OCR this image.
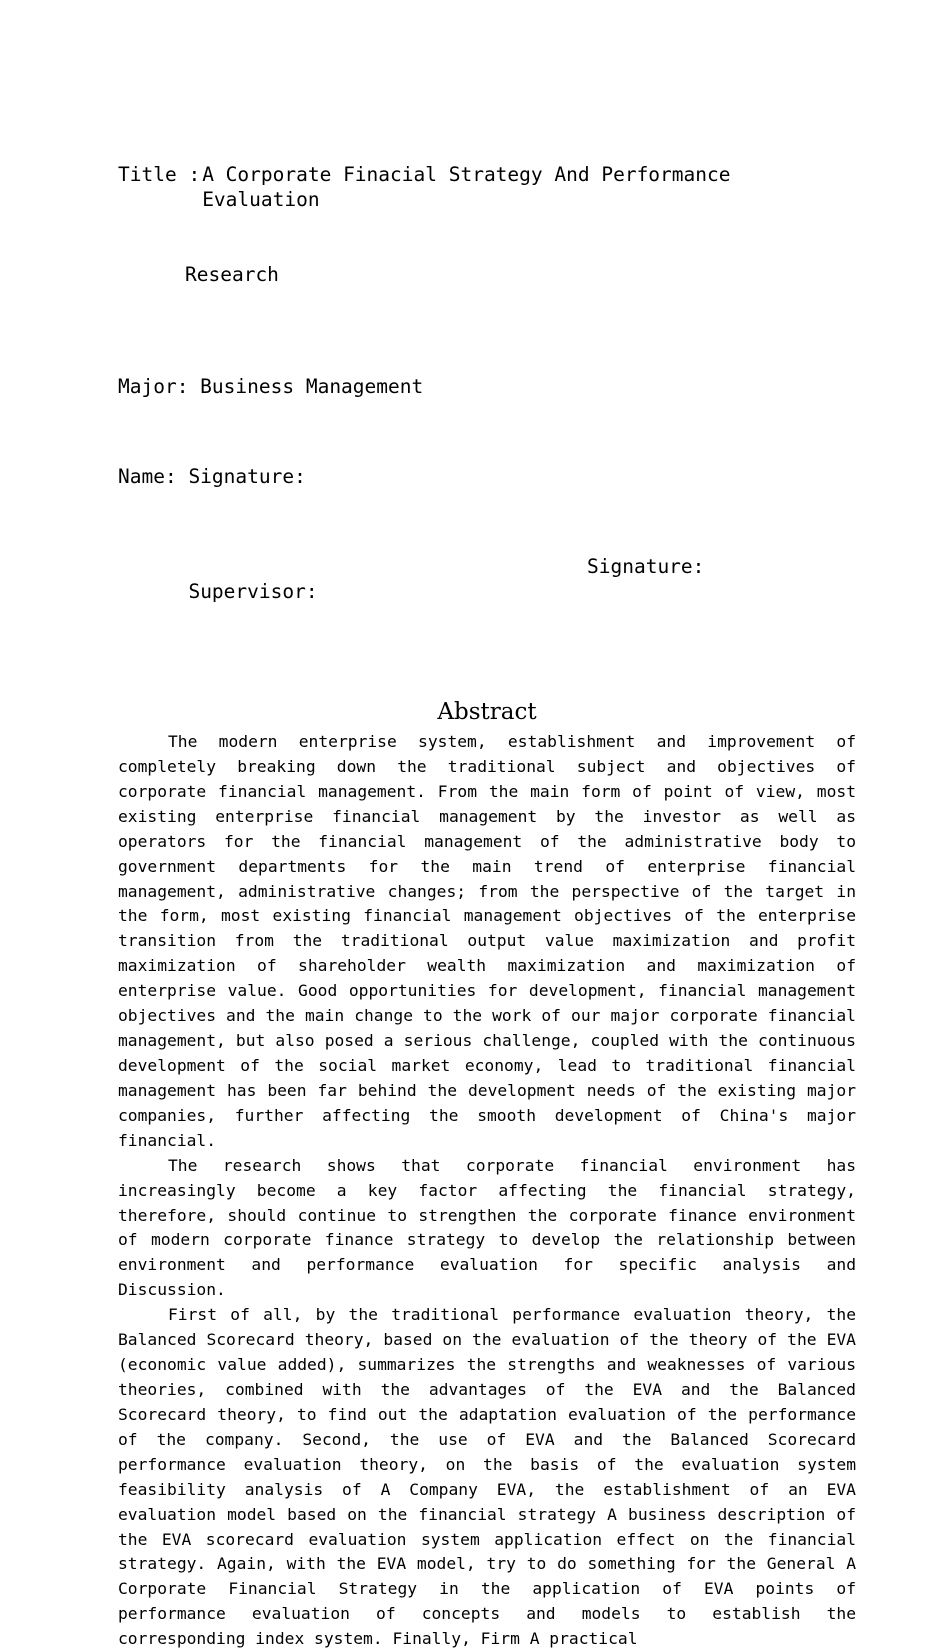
Title : A Corporate Finacial Strategy And Performance Evaluation

Research

Major: Business Management

Name: Signature:

Supervisor:

Signature:

Abstract

The modern enterprise system, establishment and improvement of completely breaking down the traditional subject and objectives of corporate financial management. From the main form of point of view, most existing enterprise financial management by the investor as well as operators for the financial management of the administrative body to government departments for the main trend of enterprise financial management, administrative changes; from the perspective of the target in the form, most existing financial management objectives of the enterprise transition from the traditional output value maximization and profit maximization of shareholder wealth maximization and maximization of enterprise value. Good opportunities for development, financial management objectives and the main change to the work of our major corporate financial management, but also posed a serious challenge, coupled with the continuous development of the social market economy, lead to traditional financial management has been far behind the development needs of the existing major companies, further affecting the smooth development of China's major financial.

The research shows that corporate financial environment has increasingly become a key factor affecting the financial strategy, therefore, should continue to strengthen the corporate finance environment of modern corporate finance strategy to develop the relationship between environment and performance evaluation for specific analysis and Discussion.

First of all, by the traditional performance evaluation theory, the Balanced Scorecard theory, based on the evaluation of the theory of the EVA (economic value added), summarizes the strengths and weaknesses of various theories, combined with the advantages of the EVA and the Balanced Scorecard theory, to find out the adaptation evaluation of the performance of the company. Second, the use of EVA and the Balanced Scorecard performance evaluation theory, on the basis of the evaluation system feasibility analysis of A Company EVA, the establishment of an EVA evaluation model based on the financial strategy A business description of the EVA scorecard evaluation system application effect on the financial strategy. Again, with the EVA model, try to do something for the General A Corporate Financial Strategy in the application of EVA points of performance evaluation of concepts and models to establish the corresponding index system. Finally, Firm A practical
